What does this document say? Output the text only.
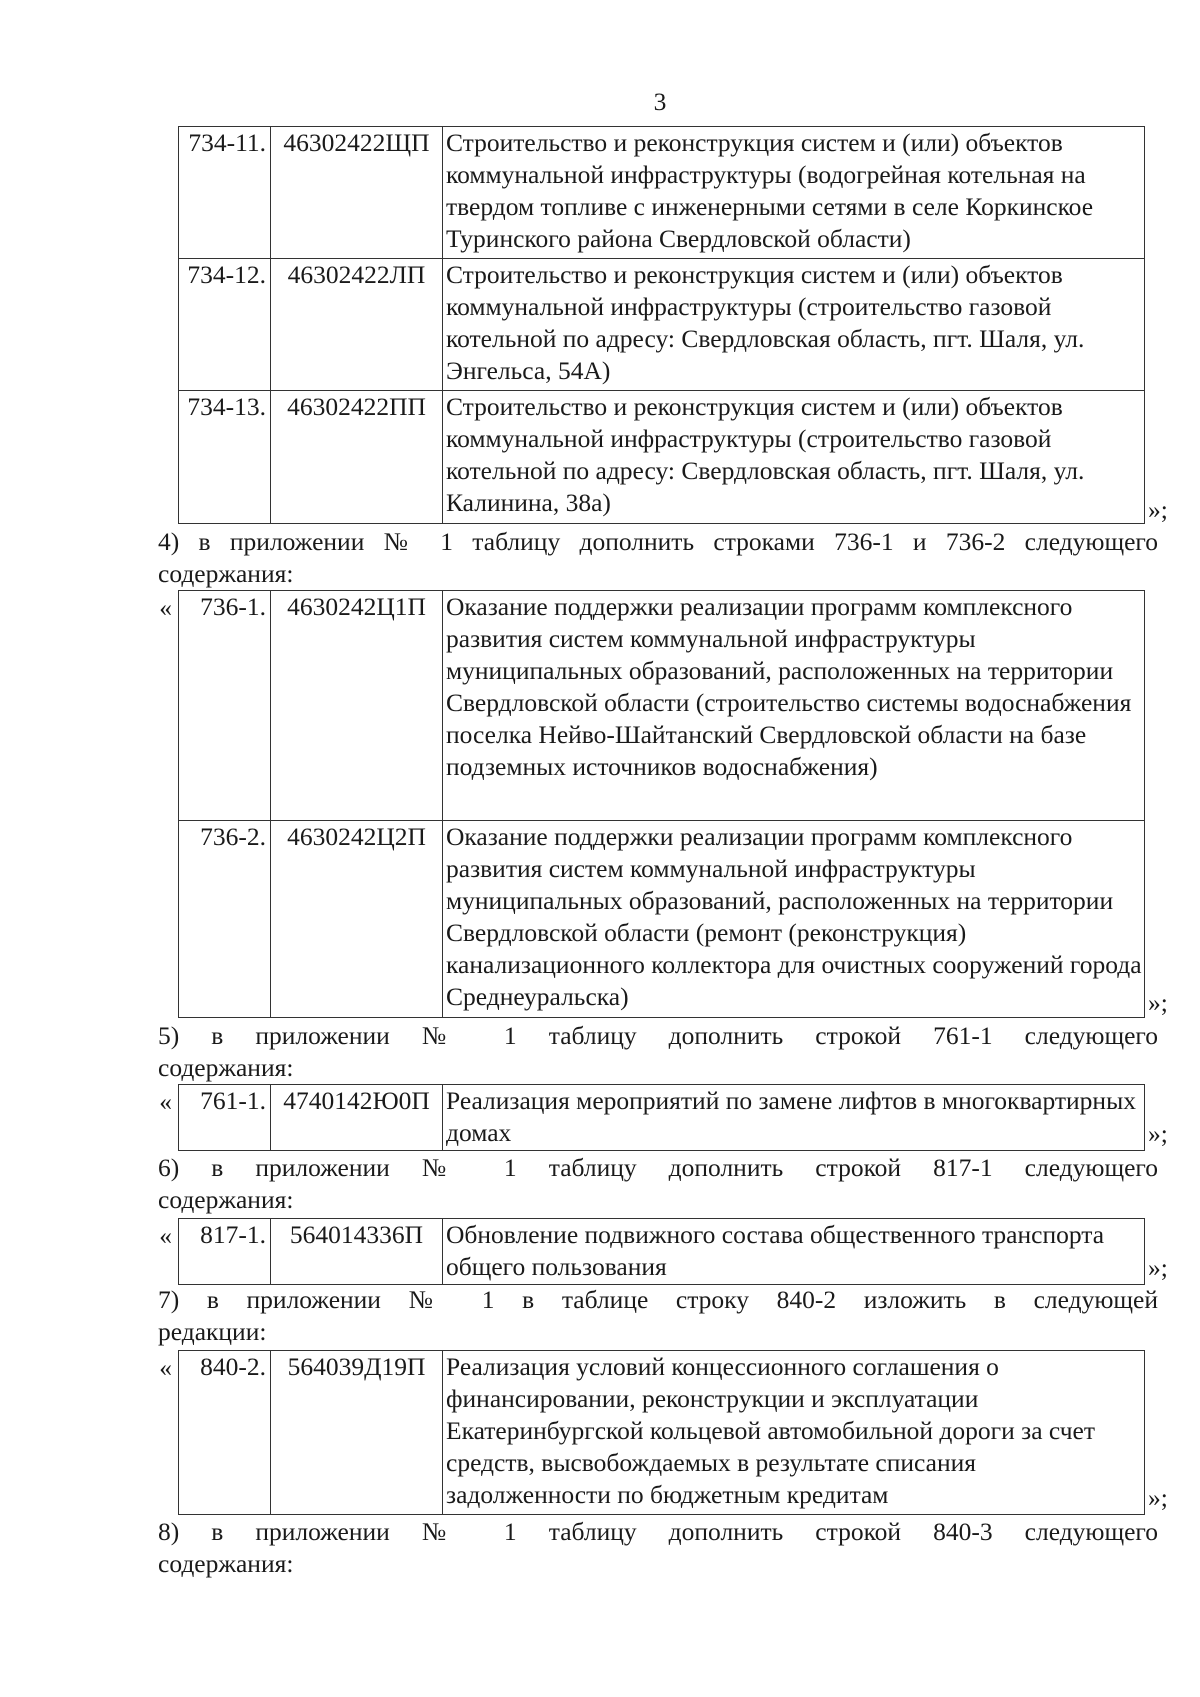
3
734-11.	46302422ЩП	Строительство и реконструкция систем и (или) объектов коммунальной инфраструктуры (водогрейная котельная на твердом топливе с инженерными сетями в селе Коркинское Туринского района Свердловской области)
734-12.	46302422ЛП	Строительство и реконструкция систем и (или) объектов коммунальной инфраструктуры (строительство газовой котельной по адресу: Свердловская область, пгт. Шаля, ул. Энгельса, 54А)
734-13.	46302422ПП	Строительство и реконструкция систем и (или) объектов коммунальной инфраструктуры (строительство газовой котельной по адресу: Свердловская область, пгт. Шаля, ул. Калинина, 38а)	»;
4) в приложении № 1 таблицу дополнить строками 736-1 и 736-2 следующего
содержания:
« 736-1.	4630242Ц1П	Оказание поддержки реализации программ комплексного развития систем коммунальной инфраструктуры муниципальных образований, расположенных на территории Свердловской области (строительство системы водоснабжения поселка Нейво-Шайтанский Свердловской области на базе подземных источников водоснабжения)
736-2.	4630242Ц2П	Оказание поддержки реализации программ комплексного развития систем коммунальной инфраструктуры муниципальных образований, расположенных на территории Свердловской области (ремонт (реконструкция) канализационного коллектора для очистных сооружений города Среднеуральска)	»;
5) в приложении № 1 таблицу дополнить строкой 761-1 следующего
содержания:
« 761-1.	4740142Ю0П	Реализация мероприятий по замене лифтов в многоквартирных домах	»;
6) в приложении № 1 таблицу дополнить строкой 817-1 следующего
содержания:
« 817-1.	564014336П	Обновление подвижного состава общественного транспорта общего пользования	»;
7) в приложении № 1 в таблице строку 840-2 изложить в следующей
редакции:
« 840-2.	564039Д19П	Реализация условий концессионного соглашения о финансировании, реконструкции и эксплуатации Екатеринбургской кольцевой автомобильной дороги за счет средств, высвобождаемых в результате списания задолженности по бюджетным кредитам	»;
8) в приложении № 1 таблицу дополнить строкой 840-3 следующего
содержания:
